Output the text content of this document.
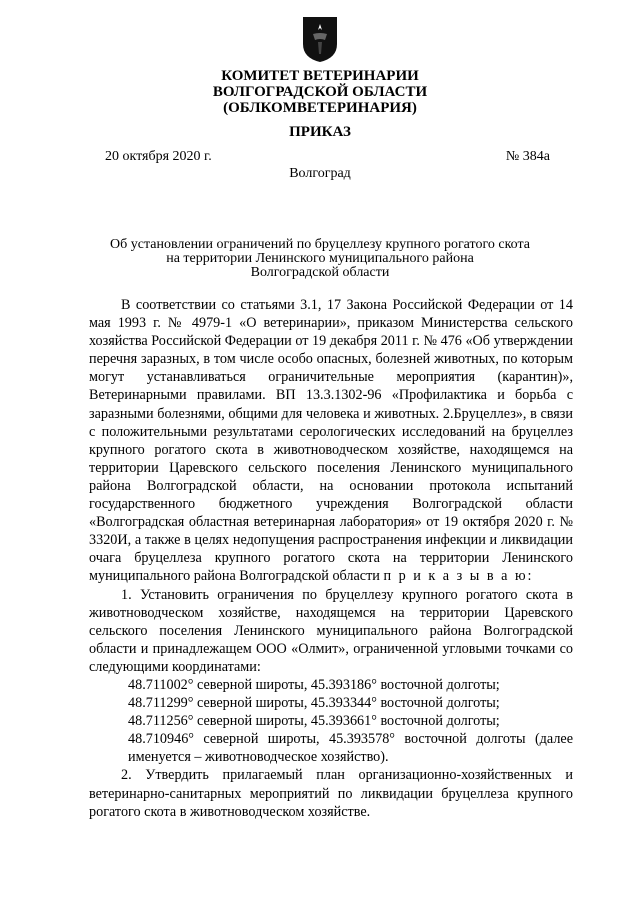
КОМИТЕТ ВЕТЕРИНАРИИ
ВОЛГОГРАДСКОЙ ОБЛАСТИ
(ОБЛКОМВЕТЕРИНАРИЯ)
ПРИКАЗ
20 октября 2020 г.	№ 384а
Волгоград
Об установлении ограничений по бруцеллезу крупного рогатого скота
на территории Ленинского муниципального района
Волгоградской области

В соответствии со статьями 3.1, 17 Закона Российской Федерации от 14 мая 1993 г. № 4979-1 «О ветеринарии», приказом Министерства сельского хозяйства Российской Федерации от 19 декабря 2011 г. № 476 «Об утверждении перечня заразных, в том числе особо опасных, болезней животных, по которым могут устанавливаться ограничительные мероприятия (карантин)», Ветеринарными правилами. ВП 13.3.1302-96 «Профилактика и борьба с заразными болезнями, общими для человека и животных. 2.Бруцеллез», в связи с положительными результатами серологических исследований на бруцеллез крупного рогатого скота в животноводческом хозяйстве, находящемся на территории Царевского сельского поселения Ленинского муниципального района Волгоградской области, на основании протокола испытаний государственного бюджетного учреждения Волгоградской области «Волгоградская областная ветеринарная лаборатория» от 19 октября 2020 г. № 3320И, а также в целях недопущения распространения инфекции и ликвидации очага бруцеллеза крупного рогатого скота на территории Ленинского муниципального района Волгоградской области п р и к а з ы в а ю:

1. Установить ограничения по бруцеллезу крупного рогатого скота в животноводческом хозяйстве, находящемся на территории Царевского сельского поселения Ленинского муниципального района Волгоградской области и принадлежащем ООО «Олмит», ограниченной угловыми точками со следующими координатами:

48.711002° северной широты, 45.393186° восточной долготы;

48.711299° северной широты, 45.393344° восточной долготы;

48.711256° северной широты, 45.393661° восточной долготы;

48.710946° северной широты, 45.393578° восточной долготы (далее именуется – животноводческое хозяйство).

2. Утвердить прилагаемый план организационно-хозяйственных и ветеринарно-санитарных мероприятий по ликвидации бруцеллеза крупного рогатого скота в животноводческом хозяйстве.
